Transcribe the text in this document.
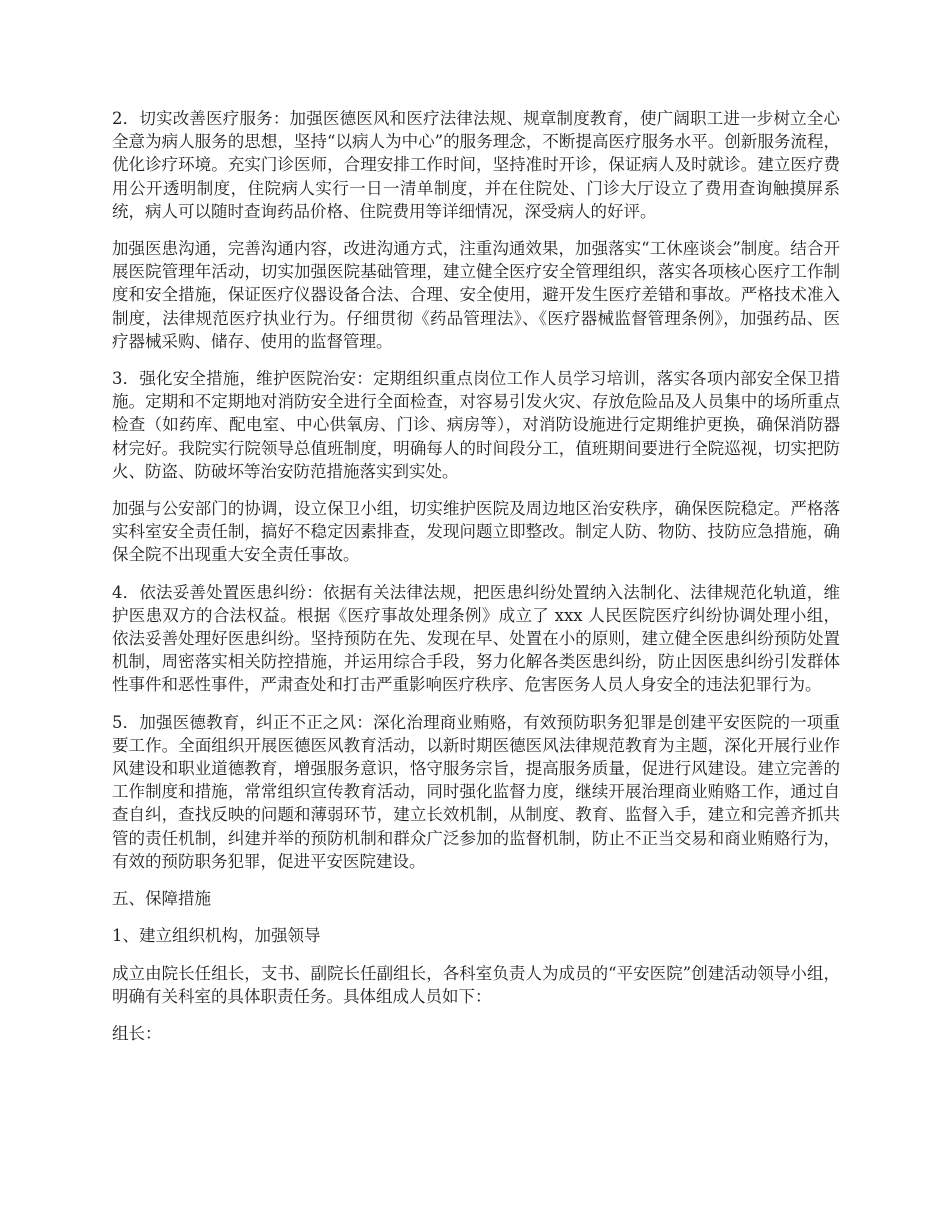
2．切实改善医疗服务：加强医德医风和医疗法律法规、规章制度教育，使广阔职工进一步树立全心全意为病人服务的思想，坚持“以病人为中心”的服务理念，不断提高医疗服务水平。创新服务流程，优化诊疗环境。充实门诊医师，合理安排工作时间，坚持准时开诊，保证病人及时就诊。建立医疗费用公开透明制度，住院病人实行一日一清单制度，并在住院处、门诊大厅设立了费用查询触摸屏系统，病人可以随时查询药品价格、住院费用等详细情况，深受病人的好评。

加强医患沟通，完善沟通内容，改进沟通方式，注重沟通效果，加强落实“工休座谈会”制度。结合开展医院管理年活动，切实加强医院基础管理，建立健全医疗安全管理组织，落实各项核心医疗工作制度和安全措施，保证医疗仪器设备合法、合理、安全使用，避开发生医疗差错和事故。严格技术准入制度，法律规范医疗执业行为。仔细贯彻《药品管理法》、《医疗器械监督管理条例》，加强药品、医疗器械采购、储存、使用的监督管理。

3．强化安全措施，维护医院治安：定期组织重点岗位工作人员学习培训，落实各项内部安全保卫措施。定期和不定期地对消防安全进行全面检查，对容易引发火灾、存放危险品及人员集中的场所重点检查（如药库、配电室、中心供氧房、门诊、病房等），对消防设施进行定期维护更换，确保消防器材完好。我院实行院领导总值班制度，明确每人的时间段分工，值班期间要进行全院巡视，切实把防火、防盗、防破坏等治安防范措施落实到实处。

加强与公安部门的协调，设立保卫小组，切实维护医院及周边地区治安秩序，确保医院稳定。严格落实科室安全责任制，搞好不稳定因素排查，发现问题立即整改。制定人防、物防、技防应急措施，确保全院不出现重大安全责任事故。

4．依法妥善处置医患纠纷：依据有关法律法规，把医患纠纷处置纳入法制化、法律规范化轨道，维护医患双方的合法权益。根据《医疗事故处理条例》成立了 xxx 人民医院医疗纠纷协调处理小组，依法妥善处理好医患纠纷。坚持预防在先、发现在早、处置在小的原则，建立健全医患纠纷预防处置机制，周密落实相关防控措施，并运用综合手段，努力化解各类医患纠纷，防止因医患纠纷引发群体性事件和恶性事件，严肃查处和打击严重影响医疗秩序、危害医务人员人身安全的违法犯罪行为。

5．加强医德教育，纠正不正之风：深化治理商业贿赂，有效预防职务犯罪是创建平安医院的一项重要工作。全面组织开展医德医风教育活动，以新时期医德医风法律规范教育为主题，深化开展行业作风建设和职业道德教育，增强服务意识，恪守服务宗旨，提高服务质量，促进行风建设。建立完善的工作制度和措施，常常组织宣传教育活动，同时强化监督力度，继续开展治理商业贿赂工作，通过自查自纠，查找反映的问题和薄弱环节，建立长效机制，从制度、教育、监督入手，建立和完善齐抓共管的责任机制，纠建并举的预防机制和群众广泛参加的监督机制，防止不正当交易和商业贿赂行为，有效的预防职务犯罪，促进平安医院建设。

五、保障措施

1、建立组织机构，加强领导

成立由院长任组长，支书、副院长任副组长，各科室负责人为成员的“平安医院”创建活动领导小组，明确有关科室的具体职责任务。具体组成人员如下：

组长：
